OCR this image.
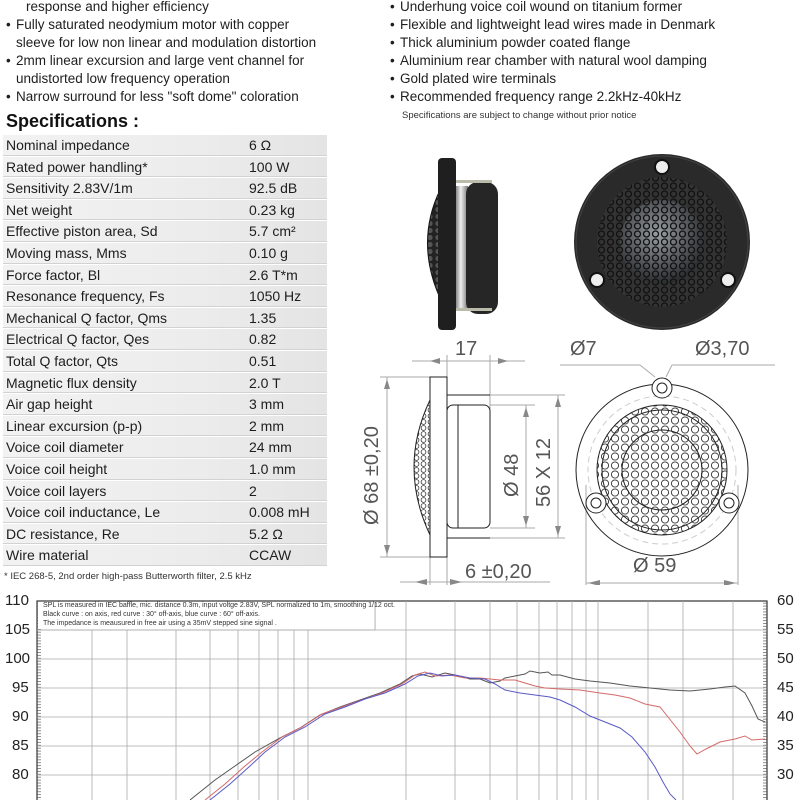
response and higher efficiency
• Fully saturated neodymium motor with copper
sleeve for low non linear and modulation distortion
• 2mm linear excursion and large vent channel for
undistorted low frequency operation
• Narrow surround for less "soft dome" coloration
• Underhung voice coil wound on titanium former
• Flexible and lightweight lead wires made in Denmark
• Thick aluminium powder coated flange
• Aluminium rear chamber with natural wool damping
• Gold plated wire terminals
• Recommended frequency range 2.2kHz-40kHz
Specifications are subject to change without prior notice
Specifications :
Nominal impedance	6 Ω
Rated power handling*	100 W
Sensitivity 2.83V/1m	92.5 dB
Net weight	0.23 kg
Effective piston area, Sd	5.7 cm²
Moving mass, Mms	0.10 g
Force factor, Bl	2.6 T*m
Resonance frequency, Fs	1050 Hz
Mechanical Q factor, Qms	1.35
Electrical Q factor, Qes	0.82
Total Q factor, Qts	0.51
Magnetic flux density	2.0 T
Air gap height	3 mm
Linear excursion (p-p)	2 mm
Voice coil diameter	24 mm
Voice coil height	1.0 mm
Voice coil layers	2
Voice coil inductance, Le	0.008 mH
DC resistance, Re	5.2 Ω
Wire material	CCAW
* IEC 268-5, 2nd order high-pass Butterworth filter, 2.5 kHz
17	Ø7	Ø3,70
6 ±0,20	Ø 59
Ø 68 ±0,20	Ø 48 56 X 12
110
105
100
95
90
85
80
60
55
50
45
40
35
30
SPL is measured in IEC baffle, mic. distance 0.3m, input voltge 2.83V, SPL normalized to 1m, smoothing 1/12 oct.
Black curve : on axis, red curve : 30° off-axis, blue curve : 60° off-axis.
The impedance is meausured in free air using a 35mV stepped sine signal .
